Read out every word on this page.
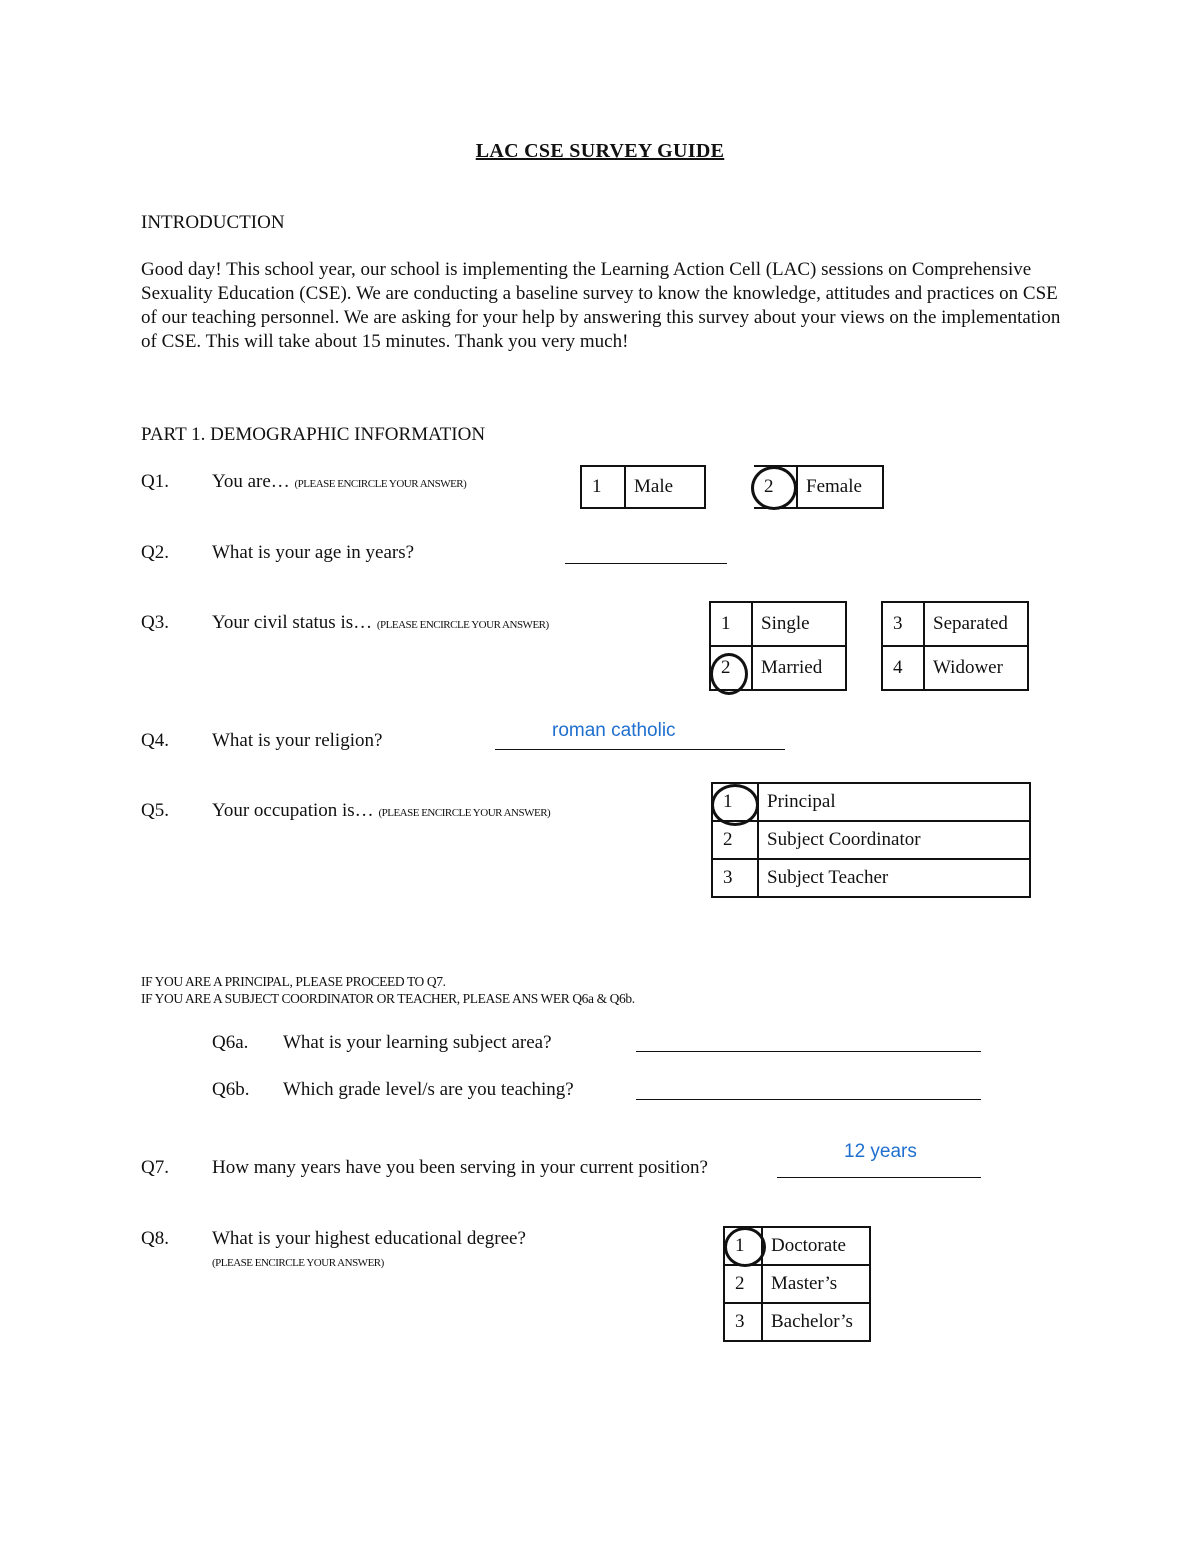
LAC CSE SURVEY GUIDE
INTRODUCTION
Good day! This school year, our school is implementing the Learning Action Cell (LAC) sessions on Comprehensive Sexuality Education (CSE). We are conducting a baseline survey to know the knowledge, attitudes and practices on CSE of our teaching personnel. We are asking for your help by answering this survey about your views on the implementation of CSE. This will take about 15 minutes. Thank you very much!
PART 1. DEMOGRAPHIC INFORMATION
Q1. You are… (PLEASE ENCIRCLE YOUR ANSWER)	1	Male	2	Female
Q2. What is your age in years?
Q3. Your civil status is… (PLEASE ENCIRCLE YOUR ANSWER)	1	Single
2	Married
3	Separated
4	Widower
Q4. What is your religion?	roman catholic
Q5. Your occupation is… (PLEASE ENCIRCLE YOUR ANSWER)
1	Principal
2	Subject Coordinator
3	Subject Teacher
IF YOU ARE A PRINCIPAL, PLEASE PROCEED TO Q7.
IF YOU ARE A SUBJECT COORDINATOR OR TEACHER, PLEASE ANS WER Q6a & Q6b.
Q6a. What is your learning subject area?
Q6b. Which grade level/s are you teaching?
Q7. How many years have you been serving in your current position?
12 years
Q8. What is your highest educational degree?
(PLEASE ENCIRCLE YOUR ANSWER)
1	Doctorate
2	Master’s
3	Bachelor’s
